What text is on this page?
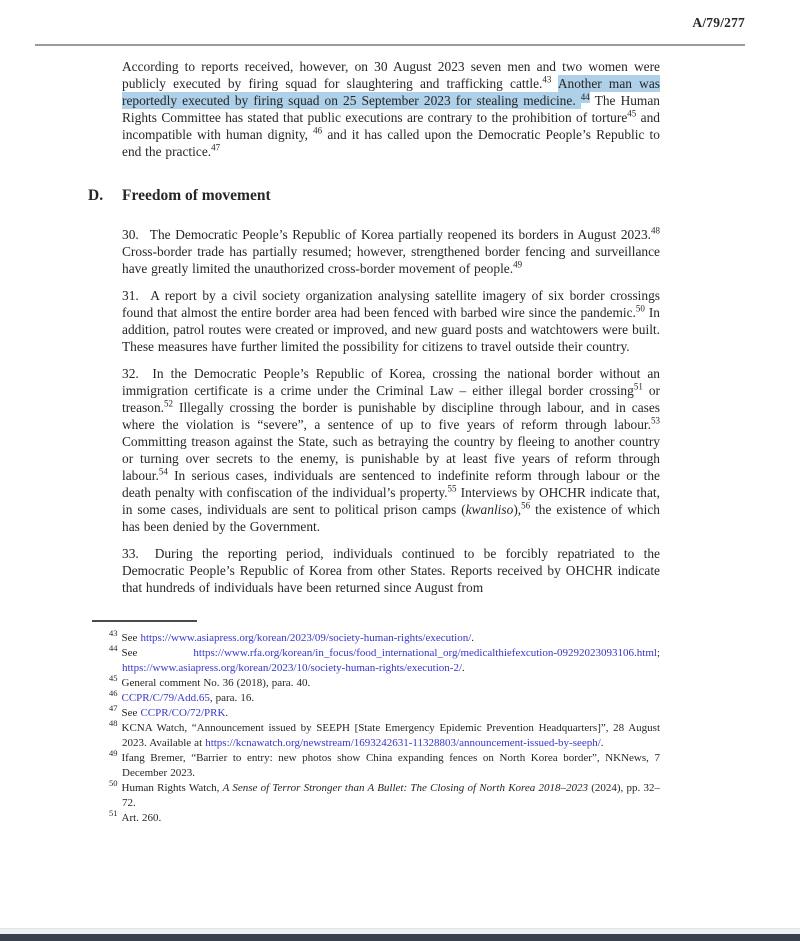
A/79/277

According to reports received, however, on 30 August 2023 seven men and two women were publicly executed by firing squad for slaughtering and trafficking cattle.$^{43}$ Another man was reportedly executed by firing squad on 25 September 2023 for stealing medicine. $^{44}$ The Human Rights Committee has stated that public executions are contrary to the prohibition of torture$^{45}$ and incompatible with human dignity, $^{46}$ and it has called upon the Democratic People’s Republic to end the practice.$^{47}$

D. Freedom of movement

30.  The Democratic People’s Republic of Korea partially reopened its borders in August 2023.48 Cross-border trade has partially resumed; however, strengthened border fencing and surveillance have greatly limited the unauthorized cross-border movement of people.$^{49}$

31.  A report by a civil society organization analysing satellite imagery of six border crossings found that almost the entire border area had been fenced with barbed wire since the pandemic.$^{50}$ In addition, patrol routes were created or improved, and new guard posts and watchtowers were built. These measures have further limited the possibility for citizens to travel outside their country.

32.  In the Democratic People’s Republic of Korea, crossing the national border without an immigration certificate is a crime under the Criminal Law – either illegal border crossing$^{51}$ or treason.$^{52}$ Illegally crossing the border is punishable by discipline through labour, and in cases where the violation is “severe”, a sentence of up to five years of reform through labour.$^{53}$ Committing treason against the State, such as betraying the country by fleeing to another country or turning over secrets to the enemy, is punishable by at least five years of reform through labour.$^{54}$ In serious cases, individuals are sentenced to indefinite reform through labour or the death penalty with confiscation of the individual’s property.$^{55}$ Interviews by OHCHR indicate that, in some cases, individuals are sent to political prison camps (kwanliso),$^{56}$ the existence of which has been denied by the Government.

33.  During the reporting period, individuals continued to be forcibly repatriated to the Democratic People’s Republic of Korea from other States. Reports received by OHCHR indicate that hundreds of individuals have been returned since August from

$^{43}$ See https://www.asiapress.org/korean/2023/09/society-human-rights/execution/.
$^{44}$ See https://www.rfa.org/korean/in_focus/food_international_org/medicalthiefexcution-09292023093106.html; https://www.asiapress.org/korean/2023/10/society-human-rights/execution-2/.
$^{45}$ General comment No. 36 (2018), para. 40.
$^{46}$ CCPR/C/79/Add.65, para. 16.
$^{47}$ See CCPR/CO/72/PRK.
$^{48}$ KCNA Watch, “Announcement issued by SEEPH [State Emergency Epidemic Prevention Headquarters]”, 28 August 2023. Available at https://kcnawatch.org/newstream/1693242631-11328803/announcement-issued-by-seeph/.
$^{49}$ Ifang Bremer, “Barrier to entry: new photos show China expanding fences on North Korea border”, NKNews, 7 December 2023.
$^{50}$ Human Rights Watch, A Sense of Terror Stronger than A Bullet: The Closing of North Korea 2018–2023 (2024), pp. 32–72.
$^{51}$ Art. 260.
